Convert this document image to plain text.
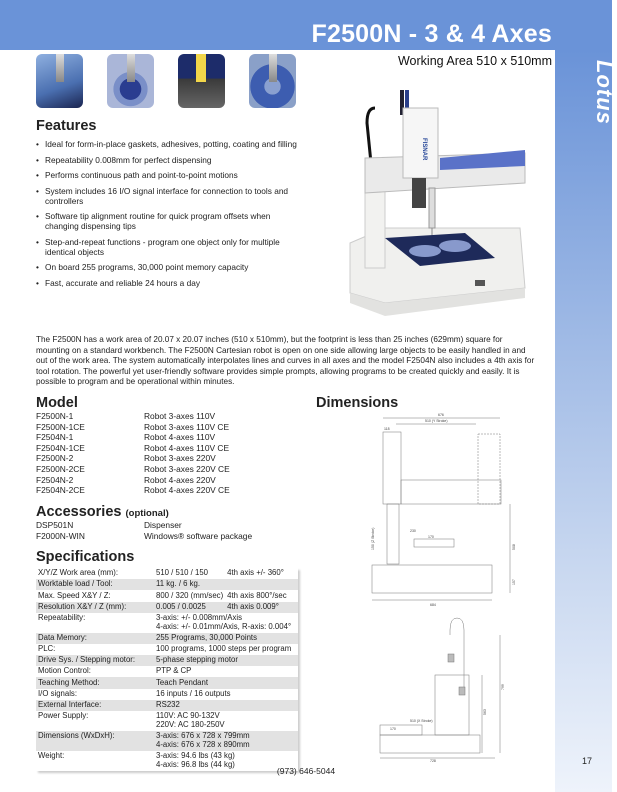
F2500N - 3 & 4 Axes
Lotus
Working Area 510 x 510mm
Features
• Ideal for form-in-place gaskets, adhesives, potting, coating and filling
• Repeatability 0.008mm for perfect dispensing
• Performs continuous path and point-to-point motions
• System includes 16 I/O signal interface for connection to tools and controllers
• Software tip alignment routine for quick program offsets when changing dispensing tips
• Step-and-repeat functions - program one object only for multiple identical objects
• On board 255 programs, 30,000 point memory capacity
• Fast, accurate and reliable 24 hours a day
FISNAR
The F2500N has a work area of 20.07 x 20.07 inches (510 x 510mm), but the footprint is less than 25 inches (629mm) square for mounting on a standard workbench. The F2500N Cartesian robot is open on one side allowing large objects to be easily handled in and out of the work area. The system automatically interpolates lines and curves in all axes and the model F2504N also includes a 4th axis for tool rotation. The powerful yet user-friendly software provides simple prompts, allowing programs to be created quickly and easily. It is possible to program and be operational within minutes.
Model
F2500N-1	Robot 3-axes 110V
F2500N-1CE	Robot 3-axes 110V CE
F2504N-1	Robot 4-axes 110V
F2504N-1CE	Robot 4-axes 110V CE
F2500N-2	Robot 3-axes 220V
F2500N-2CE	Robot 3-axes 220V CE
F2504N-2	Robot 4-axes 220V
F2504N-2CE	Robot 4-axes 220V CE
Accessories (optional)
DSP501N	Dispenser
F2000N-WIN	Windows® software package
Specifications
X/Y/Z Work area (mm):	510 / 510 / 150	4th axis +/- 360°
Worktable load / Tool:	11 kg. / 6 kg.	
Max. Speed X&Y / Z:	800 / 320 (mm/sec)	4th axis 800°/sec
Resolution X&Y / Z (mm):	0.005 / 0.0025	4th axis 0.009°
Repeatability:	3-axis: +/- 0.008mm/Axis
4-axis: +/- 0.01mm/Axis, R-axis: 0.004°	

Data Memory:	255 Programs, 30,000 Points	
PLC:	100 programs, 1000 steps per program	
Drive Sys. / Stepping motor:	5-phase stepping motor	
Motion Control:	PTP & CP	
Teaching Method:	Teach Pendant	
I/O signals:	16 inputs / 16 outputs	
External Interface:	RS232	
Power Supply:	110V: AC 90-132V
220V: AC 180-250V	

Dimensions (WxDxH):	3-axis: 676 x 728 x 799mm
4-axis: 676 x 728 x 890mm	

Weight:	3-axis: 94.6 lbs (43 kg)
4-axis: 96.8 lbs (44 kg)	
Dimensions
676
510 (Y Stroke)
118
230
170
684
508
157
150 (Z Stroke)
510 (X Stroke)
170
728
799
563
(973) 646-5044
17
